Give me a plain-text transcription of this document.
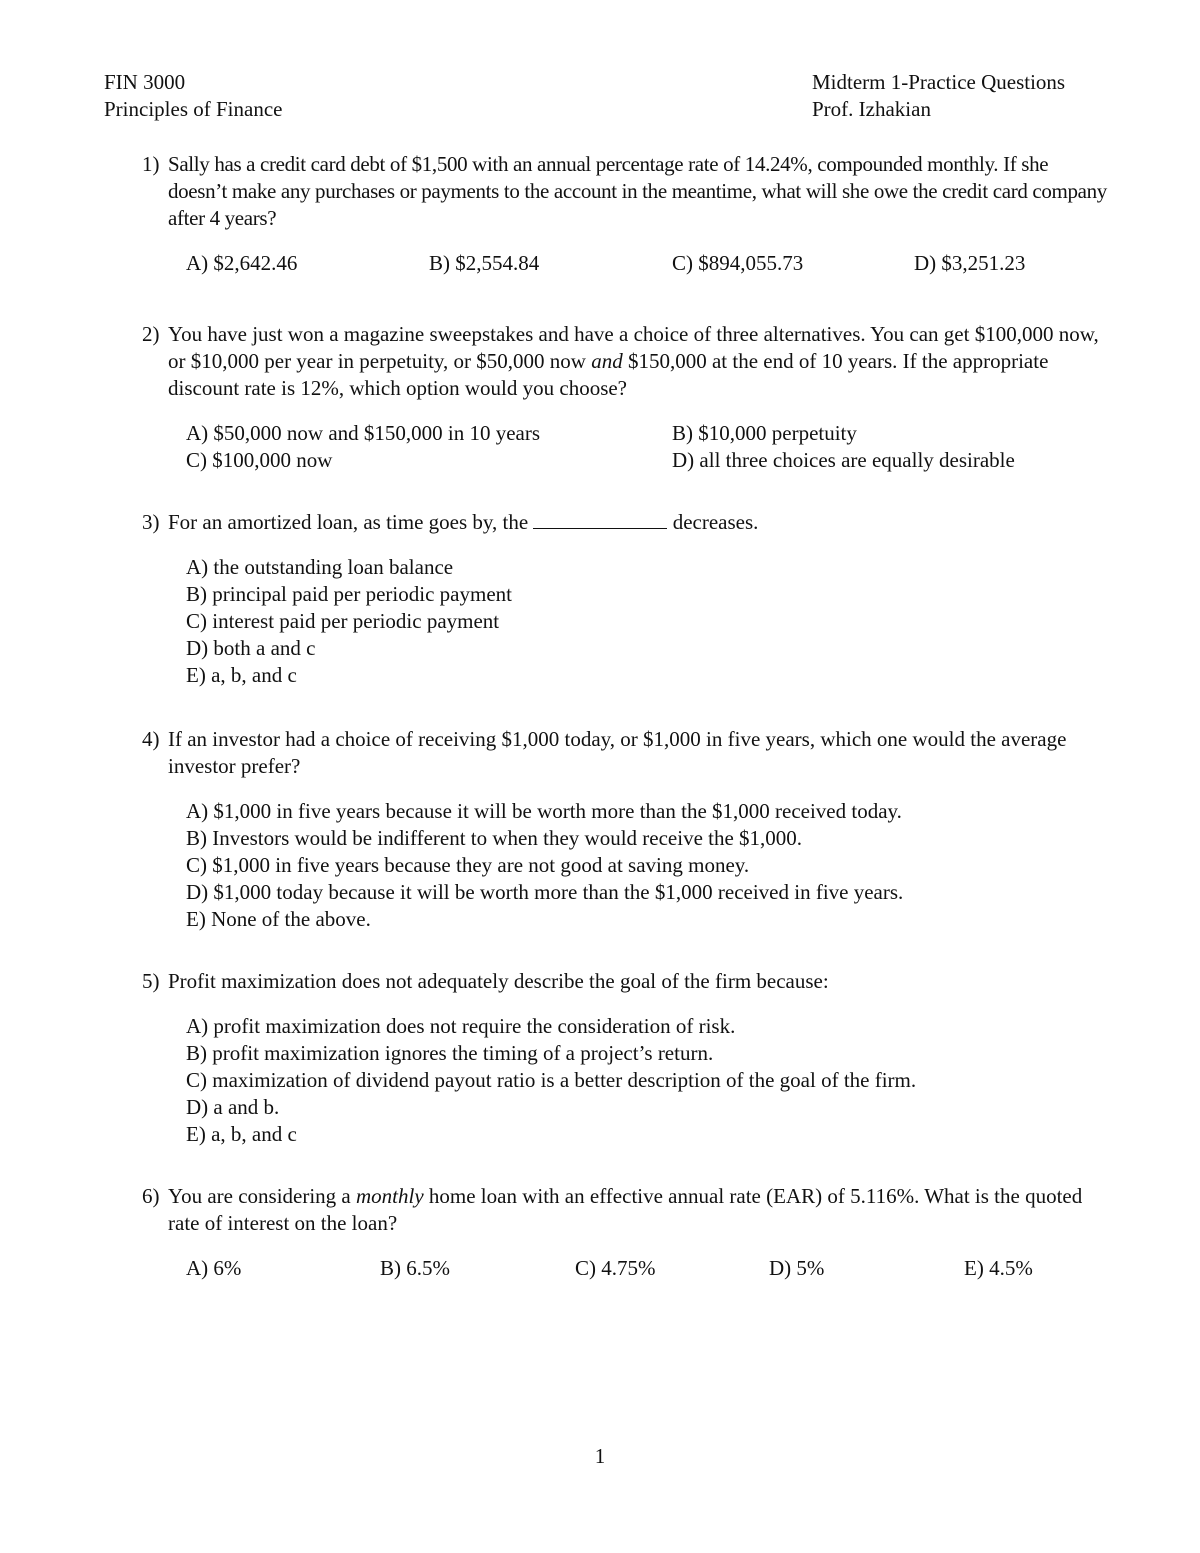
FIN 3000
Principles of Finance
Midterm 1-Practice Questions
Prof. Izhakian
1) Sally has a credit card debt of $1,500 with an annual percentage rate of 14.24%, compounded monthly. If she doesn’t make any purchases or payments to the account in the meantime, what will she owe the credit card company after 4 years?
A) $2,642.46	B) $2,554.84	C) $894,055.73	D) $3,251.23
2) You have just won a magazine sweepstakes and have a choice of three alternatives. You can get $100,000 now, or $10,000 per year in perpetuity, or $50,000 now and $150,000 at the end of 10 years. If the appropriate discount rate is 12%, which option would you choose?
A) $50,000 now and $150,000 in 10 years	B) $10,000 perpetuity
C) $100,000 now	D) all three choices are equally desirable
3) For an amortized loan, as time goes by, the	decreases.
A) the outstanding loan balance
B) principal paid per periodic payment
C) interest paid per periodic payment
D) both a and c
E) a, b, and c
4) If an investor had a choice of receiving $1,000 today, or $1,000 in five years, which one would the average investor prefer?
A) $1,000 in five years because it will be worth more than the $1,000 received today.
B) Investors would be indifferent to when they would receive the $1,000.
C) $1,000 in five years because they are not good at saving money.
D) $1,000 today because it will be worth more than the $1,000 received in five years.
E) None of the above.
5) Profit maximization does not adequately describe the goal of the firm because:
A) profit maximization does not require the consideration of risk.
B) profit maximization ignores the timing of a project’s return.
C) maximization of dividend payout ratio is a better description of the goal of the firm.
D) a and b.
E) a, b, and c
6) You are considering a monthly home loan with an effective annual rate (EAR) of 5.116%. What is the quoted rate of interest on the loan?
A) 6%	B) 6.5%	C) 4.75%	D) 5%	E) 4.5%
1
